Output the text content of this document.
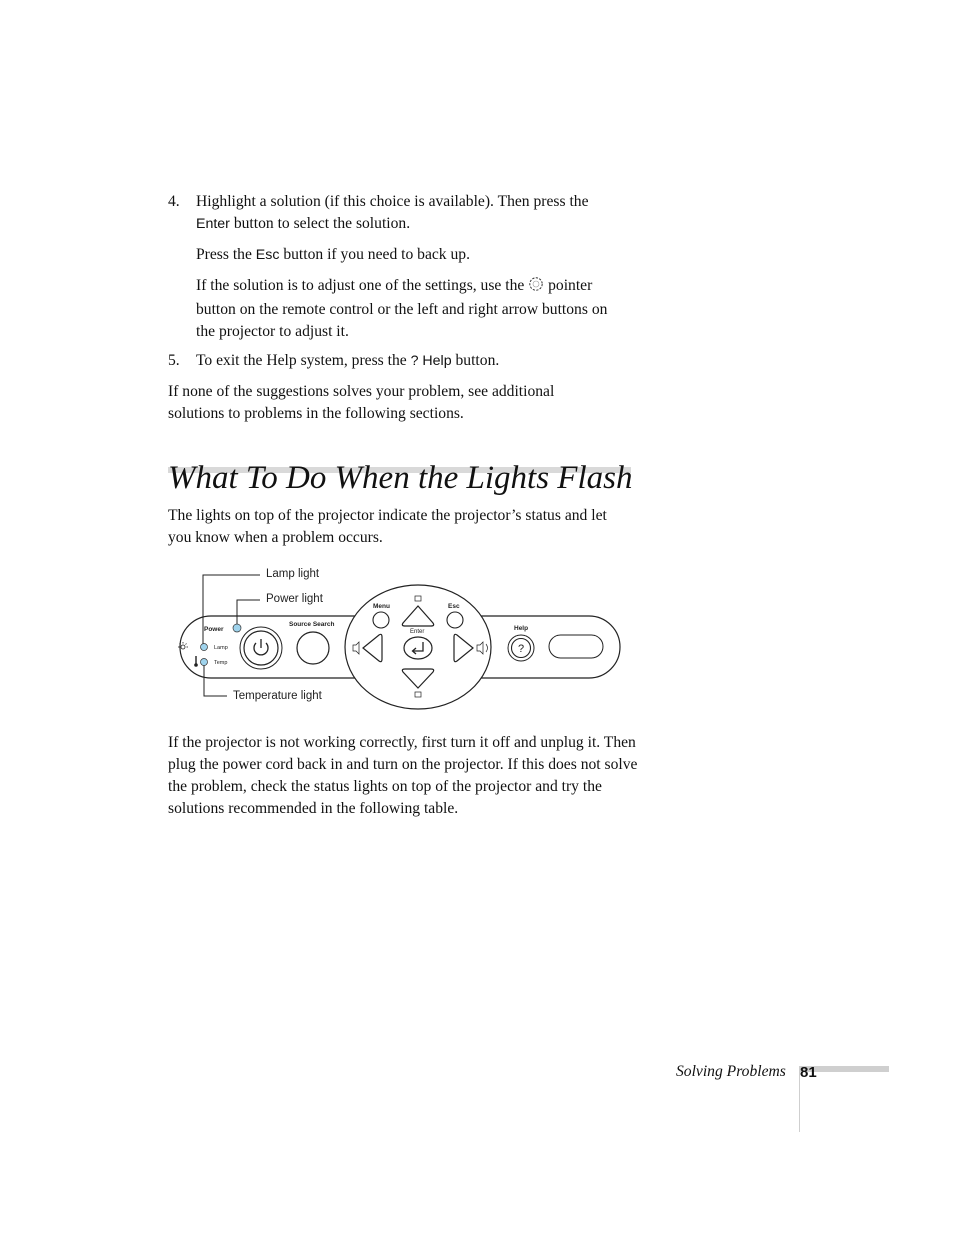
4. Highlight a solution (if this choice is available). Then press the
Enter button to select the solution.

Press the Esc button if you need to back up.

If the solution is to adjust one of the settings, use the  pointer button on the remote control or the left and right arrow buttons on the projector to adjust it.

5. To exit the Help system, press the ? Help button.

If none of the suggestions solves your problem, see additional solutions to problems in the following sections.

What To Do When the Lights Flash

The lights on top of the projector indicate the projector’s status and let you know when a problem occurs.

Lamp light
Power light
Temperature light
Power
Lamp
Temp
Source Search
Menu	Esc
Enter	Help
?

If the projector is not working correctly, first turn it off and unplug it. Then plug the power cord back in and turn on the projector. If this does not solve the problem, check the status lights on top of the projector and try the solutions recommended in the following table.

Solving Problems 81
